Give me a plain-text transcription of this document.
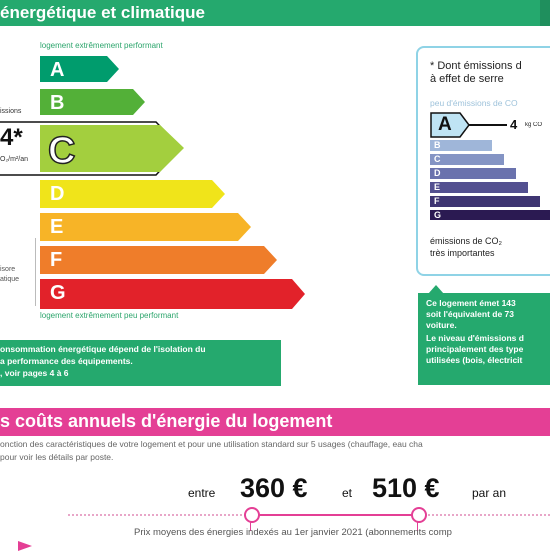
énergétique et climatique
logement extrêmement performant
issions
4*
O₂/m²/an
A
B
C
D
E
F
G
isore
atique
logement extrêmement peu performant
onsommation énergétique dépend de l'isolation du
a performance des équipements.
, voir pages 4 à 6
* Dont émissions d
à effet de serre
peu d'émissions de CO
A	4 kg CO
B
C
D
E
F
G
émissions de CO₂
très importantes
Ce logement émet 143
soit l'équivalent de 73
voiture.
Le niveau d'émissions d
principalement des type
utilisées (bois, électricit
s coûts annuels d'énergie du logement
onction des caractéristiques de votre logement et pour une utilisation standard sur 5 usages (chauffage, eau cha
pour voir les détails par poste.
entre 360 €	et 510 €	par an
Prix moyens des énergies indexés au 1er janvier 2021 (abonnements comp
